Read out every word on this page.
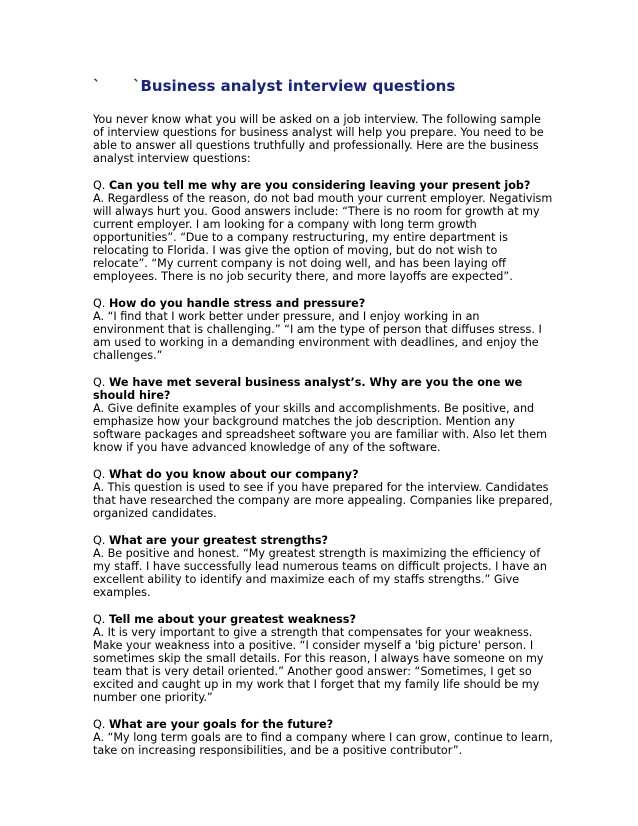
` `Business analyst interview questions

You never know what you will be asked on a job interview. The following sample of interview questions for business analyst will help you prepare. You need to be able to answer all questions truthfully and professionally. Here are the business analyst interview questions:

Q. Can you tell me why are you considering leaving your present job?

A. Regardless of the reason, do not bad mouth your current employer. Negativism will always hurt you. Good answers include: “There is no room for growth at my current employer. I am looking for a company with long term growth opportunities”. “Due to a company restructuring, my entire department is relocating to Florida. I was give the option of moving, but do not wish to relocate”. “My current company is not doing well, and has been laying off employees. There is no job security there, and more layoffs are expected”.

Q. How do you handle stress and pressure?

A. “I find that I work better under pressure, and I enjoy working in an environment that is challenging.” “I am the type of person that diffuses stress. I am used to working in a demanding environment with deadlines, and enjoy the challenges.”

Q. We have met several business analyst’s. Why are you the one we should hire?

A. Give definite examples of your skills and accomplishments. Be positive, and emphasize how your background matches the job description. Mention any software packages and spreadsheet software you are familiar with. Also let them know if you have advanced knowledge of any of the software.

Q. What do you know about our company?

A. This question is used to see if you have prepared for the interview. Candidates that have researched the company are more appealing. Companies like prepared, organized candidates.

Q. What are your greatest strengths?

A. Be positive and honest. “My greatest strength is maximizing the efficiency of my staff. I have successfully lead numerous teams on difficult projects. I have an excellent ability to identify and maximize each of my staffs strengths.” Give examples.

Q. Tell me about your greatest weakness?

A. It is very important to give a strength that compensates for your weakness. Make your weakness into a positive. “I consider myself a 'big picture' person. I sometimes skip the small details. For this reason, I always have someone on my team that is very detail oriented.” Another good answer: “Sometimes, I get so excited and caught up in my work that I forget that my family life should be my number one priority.”

Q. What are your goals for the future?

A. “My long term goals are to find a company where I can grow, continue to learn, take on increasing responsibilities, and be a positive contributor”.
